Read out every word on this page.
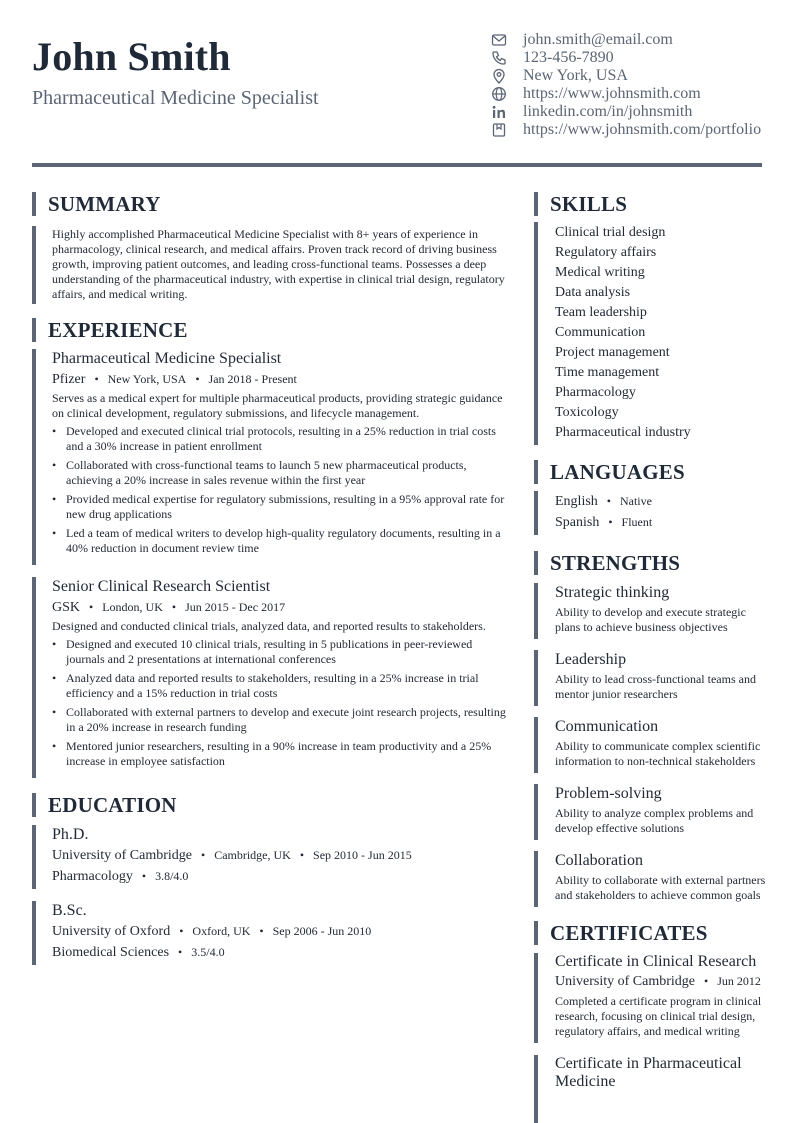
John Smith
Pharmaceutical Medicine Specialist
john.smith@email.com
123-456-7890
New York, USA
https://www.johnsmith.com
linkedin.com/in/johnsmith
https://www.johnsmith.com/portfolio
SUMMARY
Highly accomplished Pharmaceutical Medicine Specialist with 8+ years of experience in pharmacology, clinical research, and medical affairs. Proven track record of driving business growth, improving patient outcomes, and leading cross-functional teams. Possesses a deep understanding of the pharmaceutical industry, with expertise in clinical trial design, regulatory affairs, and medical writing.
EXPERIENCE
Pharmaceutical Medicine Specialist
Pfizer • New York, USA • Jan 2018 - Present
Serves as a medical expert for multiple pharmaceutical products, providing strategic guidance on clinical development, regulatory submissions, and lifecycle management.
• Developed and executed clinical trial protocols, resulting in a 25% reduction in trial costs and a 30% increase in patient enrollment
• Collaborated with cross-functional teams to launch 5 new pharmaceutical products, achieving a 20% increase in sales revenue within the first year
• Provided medical expertise for regulatory submissions, resulting in a 95% approval rate for new drug applications
• Led a team of medical writers to develop high-quality regulatory documents, resulting in a 40% reduction in document review time
Senior Clinical Research Scientist
GSK • London, UK • Jun 2015 - Dec 2017
Designed and conducted clinical trials, analyzed data, and reported results to stakeholders.
• Designed and executed 10 clinical trials, resulting in 5 publications in peer-reviewed journals and 2 presentations at international conferences
• Analyzed data and reported results to stakeholders, resulting in a 25% increase in trial efficiency and a 15% reduction in trial costs
• Collaborated with external partners to develop and execute joint research projects, resulting in a 20% increase in research funding
• Mentored junior researchers, resulting in a 90% increase in team productivity and a 25% increase in employee satisfaction
EDUCATION
Ph.D.
University of Cambridge • Cambridge, UK • Sep 2010 - Jun 2015
Pharmacology • 3.8/4.0
B.Sc.
University of Oxford • Oxford, UK • Sep 2006 - Jun 2010
Biomedical Sciences • 3.5/4.0
SKILLS
Clinical trial design
Regulatory affairs
Medical writing
Data analysis
Team leadership
Communication
Project management
Time management
Pharmacology
Toxicology
Pharmaceutical industry
LANGUAGES
English • Native
Spanish • Fluent
STRENGTHS
Strategic thinking
Ability to develop and execute strategic plans to achieve business objectives
Leadership
Ability to lead cross-functional teams and mentor junior researchers
Communication
Ability to communicate complex scientific information to non-technical stakeholders
Problem-solving
Ability to analyze complex problems and develop effective solutions
Collaboration
Ability to collaborate with external partners and stakeholders to achieve common goals
CERTIFICATES
Certificate in Clinical Research
University of Cambridge • Jun 2012
Completed a certificate program in clinical research, focusing on clinical trial design, regulatory affairs, and medical writing
Certificate in Pharmaceutical Medicine
